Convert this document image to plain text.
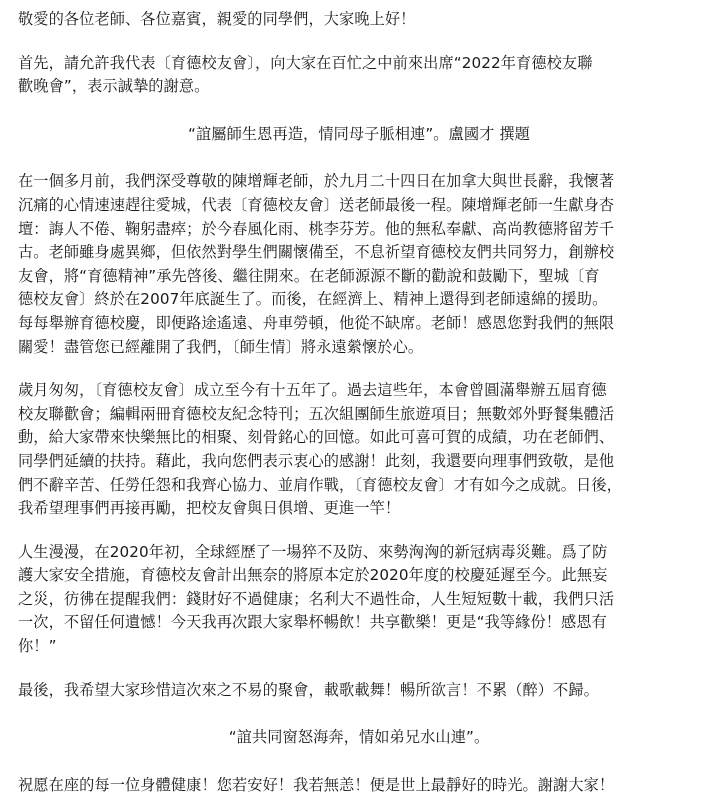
敬愛的各位老師、各位嘉賓，親愛的同學們，大家晚上好！

首先，請允許我代表〔育德校友會〕，向大家在百忙之中前來出席“2022年育德校友聯
歡晚會”，表示誠摯的謝意。

“誼屬師生恩再造，情同母子脈相連”。盧國才 撰題

在一個多月前，我們深受尊敬的陳增輝老師，於九月二十四日在加拿大與世長辭，我懷著
沉痛的心情速速趕往愛城，代表〔育德校友會〕送老師最後一程。陳增輝老師一生獻身杏
壇：誨人不倦、鞠躬盡瘁；於今春風化雨、桃李芬芳。他的無私奉獻、高尚教德將留芳千
古。老師雖身處異鄉，但依然對學生們關懷備至，不息祈望育德校友們共同努力，創辦校
友會，將“育德精神”承先啓後、繼往開來。在老師源源不斷的勸說和鼓勵下，聖城〔育
德校友會〕終於在2007年底誕生了。而後，在經濟上、精神上還得到老師遠綿的援助。
每每舉辦育德校慶，即便路途遙遠、舟車勞頓，他從不缺席。老師！感恩您對我們的無限
關愛！盡管您已經離開了我們，〔師生情〕將永遠縈懷於心。

歲月匆匆，〔育德校友會〕成立至今有十五年了。過去這些年，本會曾圓滿舉辦五屆育德
校友聯歡會；編輯兩冊育德校友紀念特刊；五次組團師生旅遊項目；無數郊外野餐集體活
動，給大家帶來快樂無比的相聚、刻骨銘心的回憶。如此可喜可賀的成績，功在老師們、
同學們延續的扶持。藉此，我向您們表示衷心的感謝！此刻，我還要向理事們致敬，是他
們不辭辛苦、任勞任怨和我齊心協力、並肩作戰，〔育德校友會〕才有如今之成就。日後，
我希望理事們再接再勵，把校友會與日俱增、更進一竿！

人生漫漫，在2020年初，全球經歷了一場猝不及防、來勢洶洶的新冠病毒災難。爲了防
護大家安全措施，育德校友會計出無奈的將原本定於2020年度的校慶延遲至今。此無妄
之災，彷彿在提醒我們：錢財好不過健康；名利大不過性命，人生短短數十載，我們只活
一次，不留任何遺憾！今天我再次跟大家舉杯暢飲！共享歡樂！更是“我等緣份！感恩有
你！”

最後，我希望大家珍惜這次來之不易的聚會，載歌載舞！暢所欲言！不累（醉）不歸。

“誼共同窗怒海奔，情如弟兄水山連”。

祝愿在座的每一位身體健康！您若安好！我若無恙！便是世上最靜好的時光。謝謝大家！
